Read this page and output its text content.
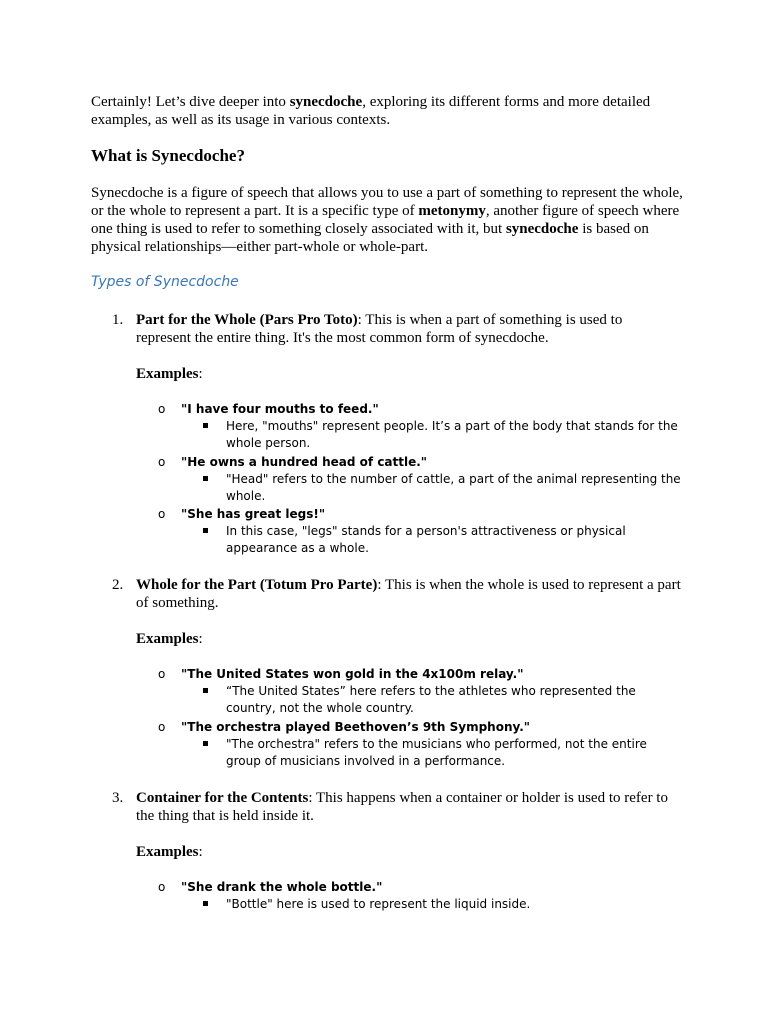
Certainly! Let’s dive deeper into synecdoche, exploring its different forms and more detailed examples, as well as its usage in various contexts.

What is Synecdoche?

Synecdoche is a figure of speech that allows you to use a part of something to represent the whole, or the whole to represent a part. It is a specific type of metonymy, another figure of speech where one thing is used to refer to something closely associated with it, but synecdoche is based on physical relationships—either part-whole or whole-part.

Types of Synecdoche
1. Part for the Whole (Pars Pro Toto): This is when a part of something is used to represent the entire thing. It's the most common form of synecdoche.

Examples:
o "I have four mouths to feed."

Here, "mouths" represent people. It’s a part of the body that stands for the whole person.

o "He owns a hundred head of cattle."

"Head" refers to the number of cattle, a part of the animal representing the whole.

o "She has great legs!"

In this case, "legs" stands for a person's attractiveness or physical appearance as a whole.

2. Whole for the Part (Totum Pro Parte): This is when the whole is used to represent a part of something.

Examples:
o "The United States won gold in the 4x100m relay."

“The United States” here refers to the athletes who represented the country, not the whole country.

o "The orchestra played Beethoven’s 9th Symphony."

"The orchestra" refers to the musicians who performed, not the entire group of musicians involved in a performance.

3. Container for the Contents: This happens when a container or holder is used to refer to the thing that is held inside it.

Examples:
o "She drank the whole bottle."

"Bottle" here is used to represent the liquid inside.
